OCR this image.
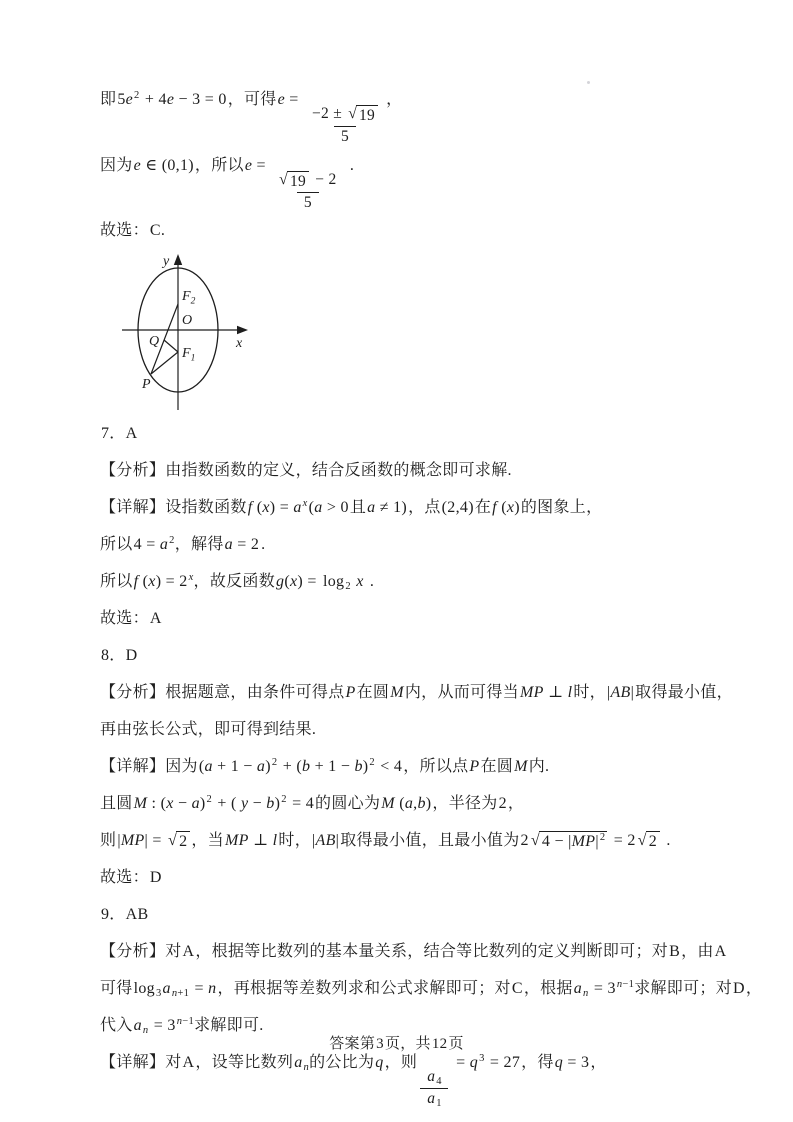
即$5e^2 + 4e - 3 = 0$，可得e =
$\frac{-2 \pm √ 19}{5}$
，
因为e ∈ (0,1)，所以e =
$\frac{√ 19 - 2}{5}$
.
故选：C.
y
x
O
$F_2$
$F_1$
Q
P
7．A
【分析】由指数函数的定义，结合反函数的概念即可求解.
【详解】设指数函数f $(x) = a^x(a > 0$且a ≠ 1)，点(2,4)在f (x)的图象上，
所以$4 = a^2$，解得a = 2 .
所以f $(x) = 2^x$，故反函数$g(x) = \log_2 x$ .
故选：A
8．D
【分析】根据题意，由条件可得点P在圆M内，从而可得当MP ⊥ l时，|AB|取得最小值，
再由弦长公式，即可得到结果.
【详解】因为$(a + 1 - a)^2 + (b + 1 - b)^2 < 4$，所以点P在圆M内.
且圆M : $(x - a)^2$ + ( y − b)$^2$ = 4的圆心为M (a,b)，半径为2，
则|MP| = √ 2 ，当MP ⊥ l时，|AB|取得最小值，且最小值为2 √ $4 - |MP|^2 = 2$ √ 2 .
故选：D
9．AB
【分析】对A，根据等比数列的基本量关系，结合等比数列的定义判断即可；对B，由A
可得$\log_3a_{n+1} = n$，再根据等差数列求和公式求解即可；对C，根据$a_n = 3^{n-1}$求解即可；对D，
代入$a_n = 3^{n-1}$求解即可.
【详解】对A，设等比数列$a_n$的公比为q，则
$\frac{a_4}{a_1}$
= $q^3 = 27$，得q = 3，
答案第3页，共12页
